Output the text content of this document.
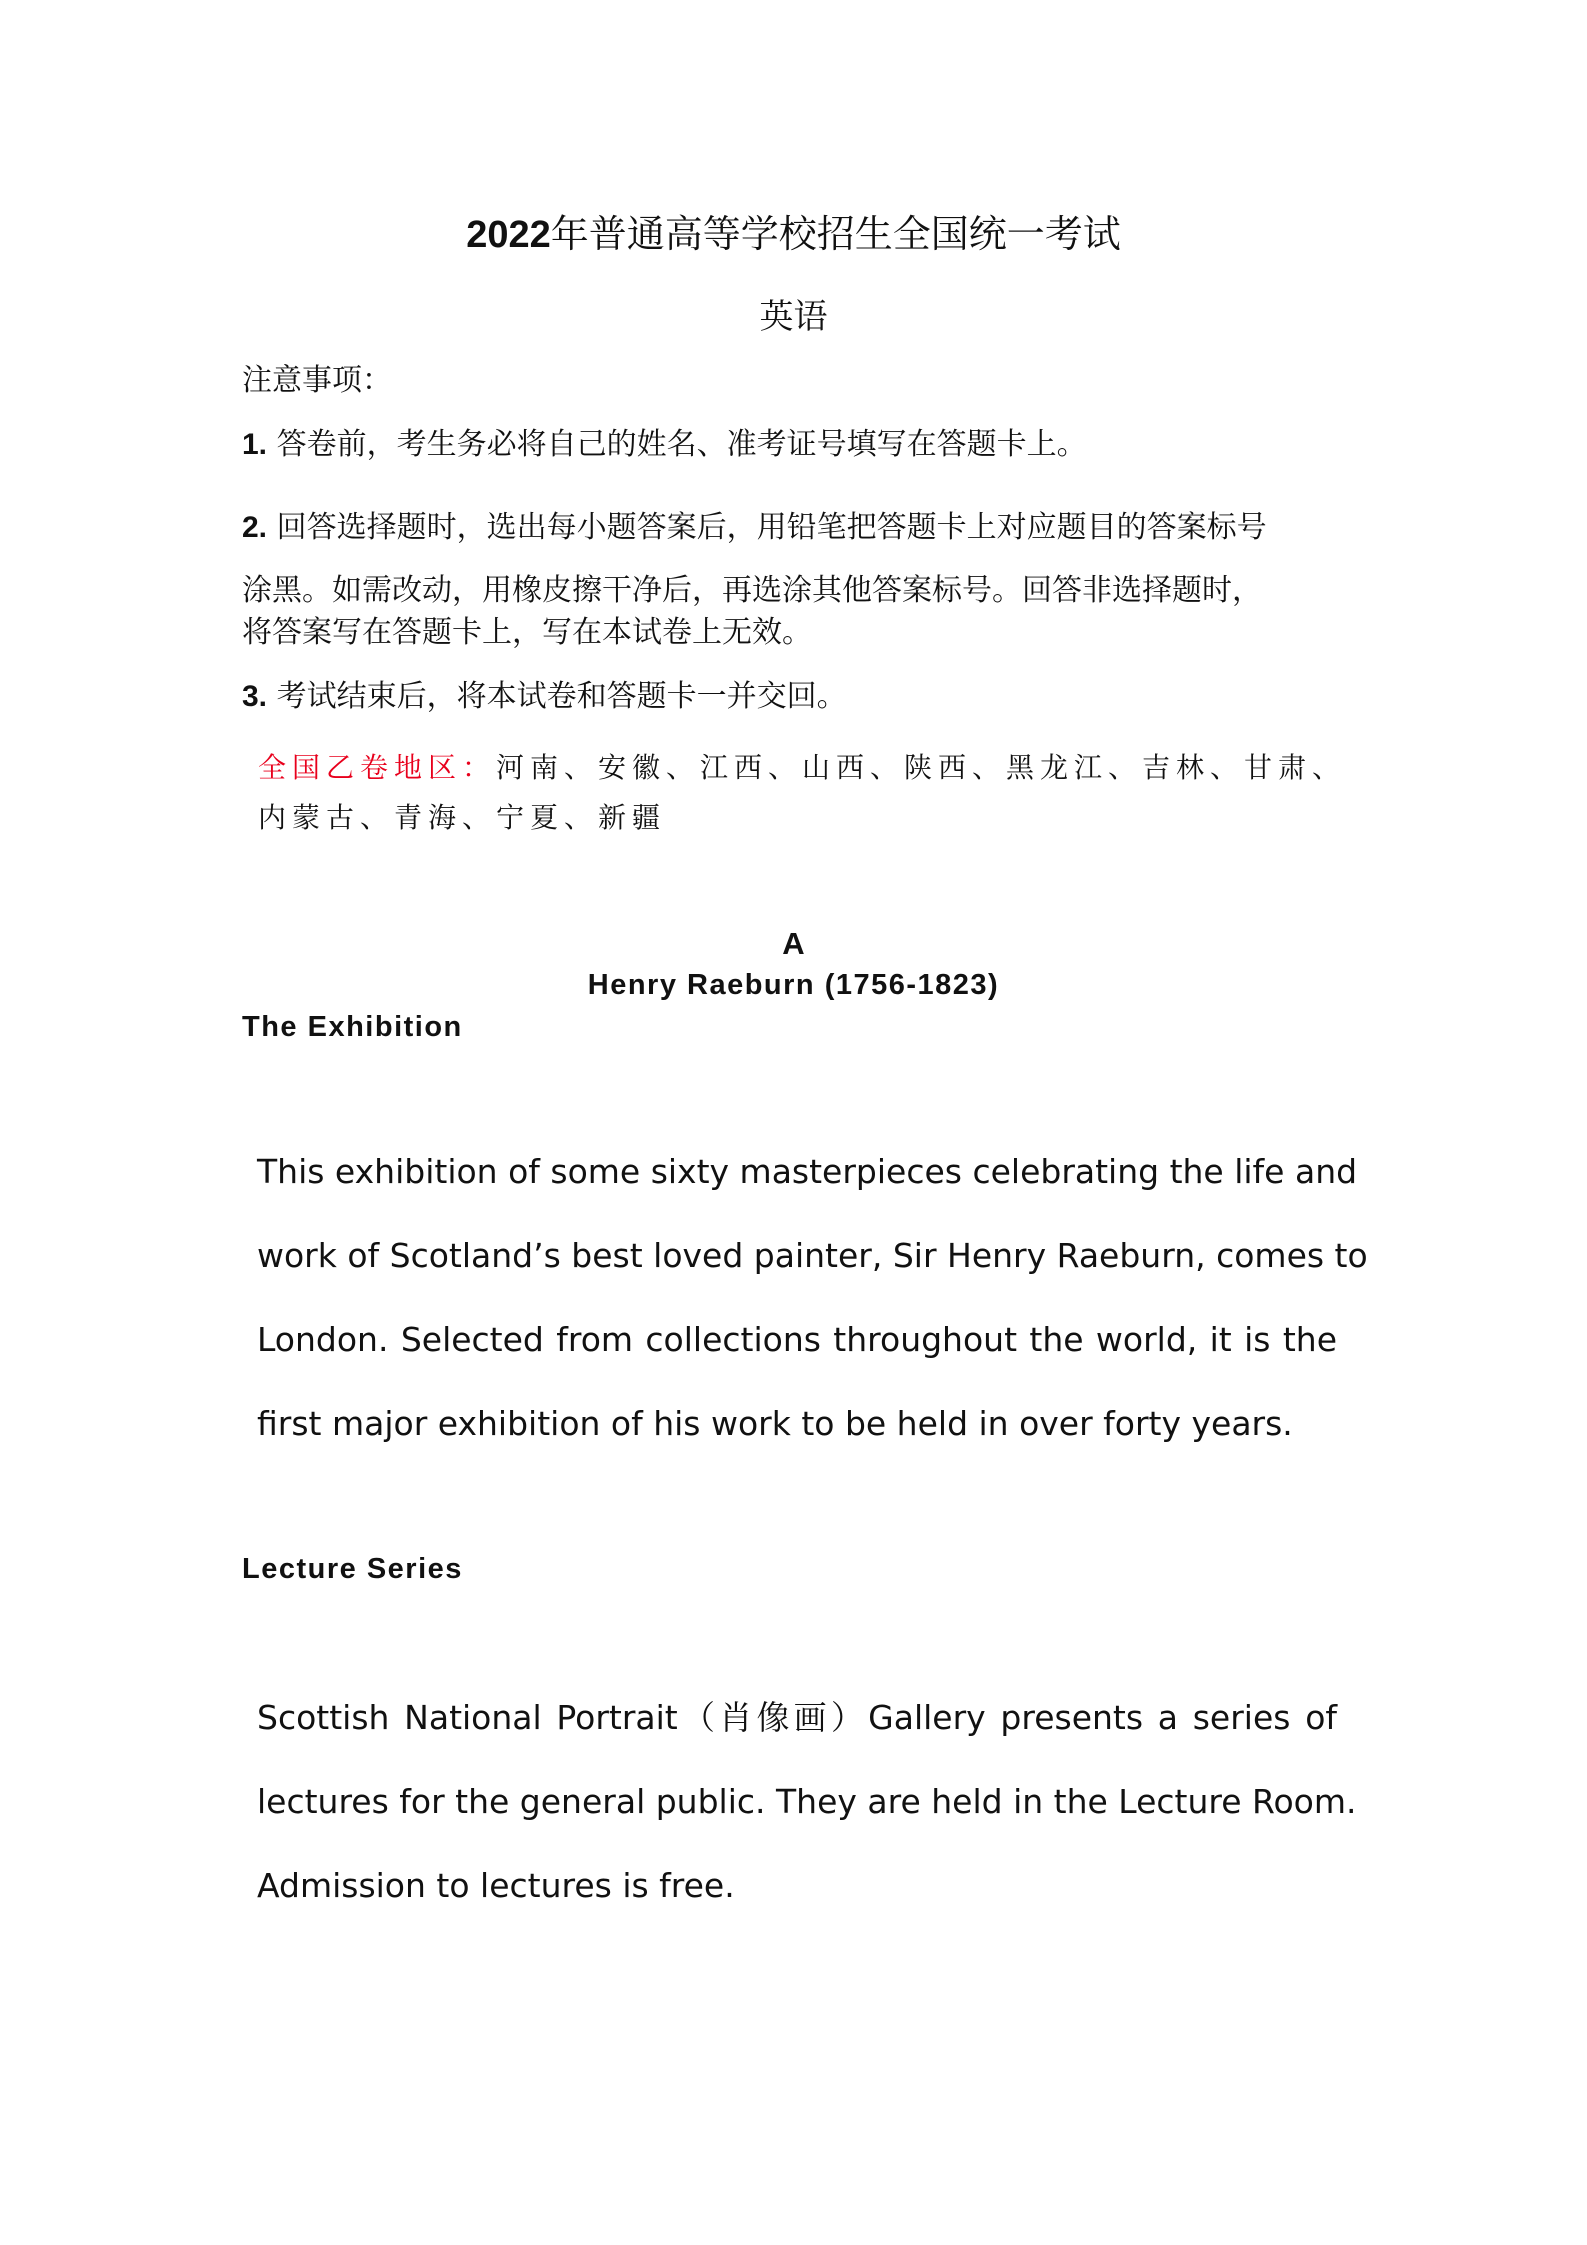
2022年普通高等学校招生全国统一考试
英语
注意事项：
1. 答卷前，考生务必将自己的姓名、准考证号填写在答题卡上。
2. 回答选择题时，选出每小题答案后，用铅笔把答题卡上对应题目的答案标号
涂黑。如需改动，用橡皮擦干净后，再选涂其他答案标号。回答非选择题时，
将答案写在答题卡上，写在本试卷上无效。
3. 考试结束后，将本试卷和答题卡一并交回。
全国乙卷地区：河南、安徽、江西、山西、陕西、黑龙江、吉林、甘肃、
内蒙古、青海、宁夏、新疆
A
Henry Raeburn (1756-1823)
The Exhibition
This exhibition of some sixty masterpieces celebrating the life and
work of Scotland’s best loved painter, Sir Henry Raeburn, comes to
London. Selected from collections throughout the world, it is the
first major exhibition of his work to be held in over forty years.
Lecture Series
Scottish National Portrait（肖像画）Gallery presents a series of
lectures for the general public. They are held in the Lecture Room.
Admission to lectures is free.
